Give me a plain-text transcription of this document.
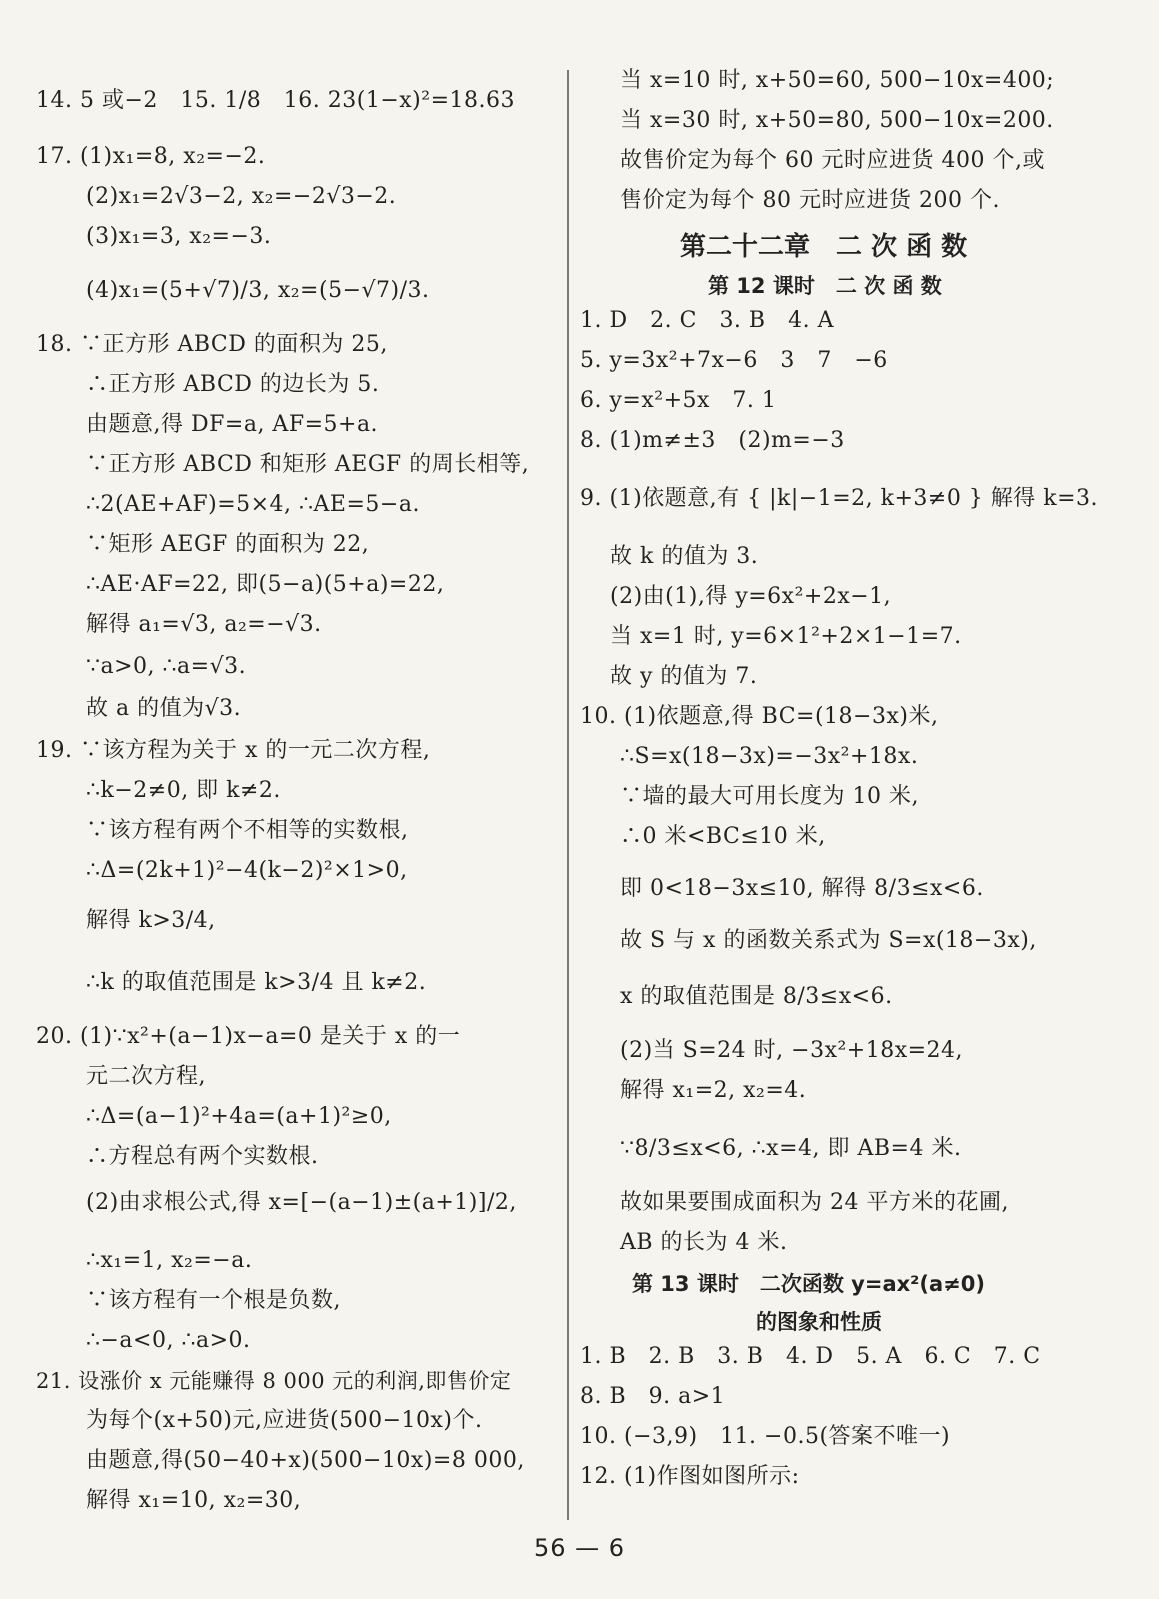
14. 5 或−2　15. 1/8　16. 23(1−x)²=18.63
17. (1)x₁=8, x₂=−2.
(2)x₁=2√3−2, x₂=−2√3−2.
(3)x₁=3, x₂=−3.
(4)x₁=(5+√7)/3, x₂=(5−√7)/3.
18. ∵正方形 ABCD 的面积为 25,
∴正方形 ABCD 的边长为 5.
由题意,得 DF=a, AF=5+a.
∵正方形 ABCD 和矩形 AEGF 的周长相等,
∴2(AE+AF)=5×4, ∴AE=5−a.
∵矩形 AEGF 的面积为 22,
∴AE·AF=22, 即(5−a)(5+a)=22,
解得 a₁=√3, a₂=−√3.
∵a>0, ∴a=√3.
故 a 的值为√3.
19. ∵该方程为关于 x 的一元二次方程,
∴k−2≠0, 即 k≠2.
∵该方程有两个不相等的实数根,
∴Δ=(2k+1)²−4(k−2)²×1>0,
解得 k>3/4,
∴k 的取值范围是 k>3/4 且 k≠2.
20. (1)∵x²+(a−1)x−a=0 是关于 x 的一
元二次方程,
∴Δ=(a−1)²+4a=(a+1)²≥0,
∴方程总有两个实数根.
(2)由求根公式,得 x=[−(a−1)±(a+1)]/2,
∴x₁=1, x₂=−a.
∵该方程有一个根是负数,
∴−a<0, ∴a>0.
21. 设涨价 x 元能赚得 8 000 元的利润,即售价定
为每个(x+50)元,应进货(500−10x)个.
由题意,得(50−40+x)(500−10x)=8 000,
解得 x₁=10, x₂=30,
当 x=10 时, x+50=60, 500−10x=400;
当 x=30 时, x+50=80, 500−10x=200.
故售价定为每个 60 元时应进货 400 个,或
售价定为每个 80 元时应进货 200 个.
第二十二章　二 次 函 数
第 12 课时　二 次 函 数
1. D　2. C　3. B　4. A
5. y=3x²+7x−6　3　7　−6
6. y=x²+5x　7. 1
8. (1)m≠±3　(2)m=−3
9. (1)依题意,有 { |k|−1=2, k+3≠0 } 解得 k=3.
故 k 的值为 3.
(2)由(1),得 y=6x²+2x−1,
当 x=1 时, y=6×1²+2×1−1=7.
故 y 的值为 7.
10. (1)依题意,得 BC=(18−3x)米,
∴S=x(18−3x)=−3x²+18x.
∵墙的最大可用长度为 10 米,
∴0 米<BC≤10 米,
即 0<18−3x≤10, 解得 8/3≤x<6.
故 S 与 x 的函数关系式为 S=x(18−3x),
x 的取值范围是 8/3≤x<6.
(2)当 S=24 时, −3x²+18x=24,
解得 x₁=2, x₂=4.
∵8/3≤x<6, ∴x=4, 即 AB=4 米.
故如果要围成面积为 24 平方米的花圃,
AB 的长为 4 米.
第 13 课时　二次函数 y=ax²(a≠0)
的图象和性质
1. B　2. B　3. B　4. D　5. A　6. C　7. C
8. B　9. a>1
10. (−3,9)　11. −0.5(答案不唯一)
12. (1)作图如图所示:
56 — 6
